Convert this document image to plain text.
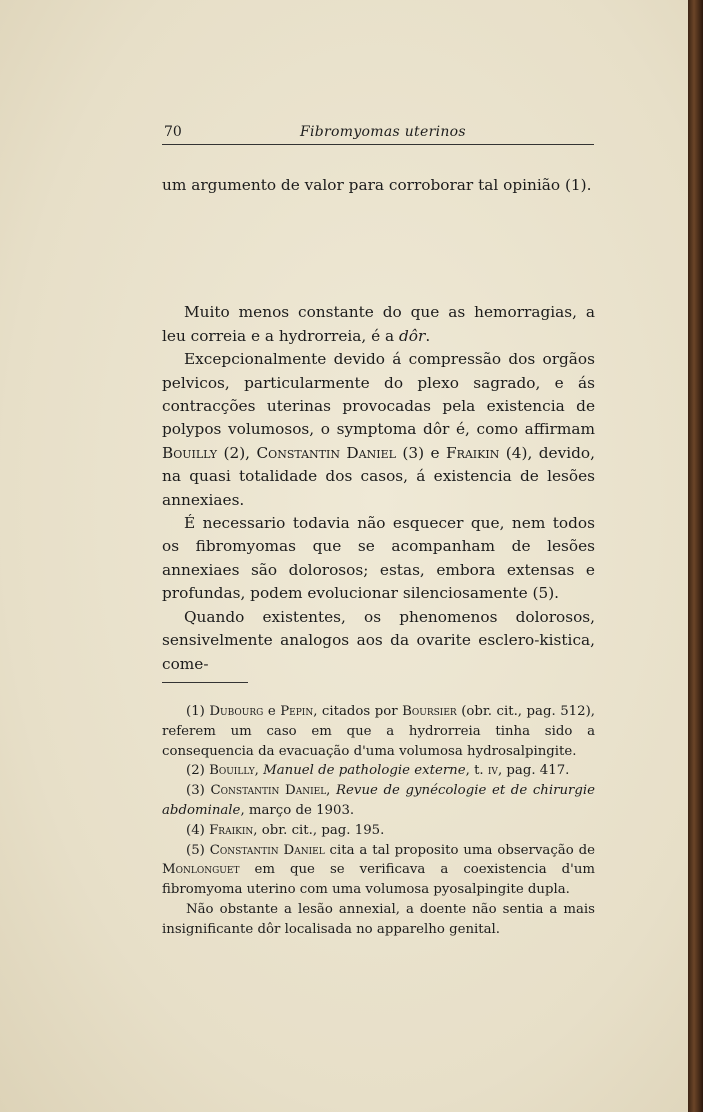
70	Fibromyomas uterinos

um argumento de valor para corroborar tal opinião (1).

Muito menos constante do que as hemorragias, a leu correia e a hydrorreia, é a dôr.

Excepcionalmente devido á compressão dos orgãos pelvicos, particularmente do plexo sagrado, e ás contracções uterinas provocadas pela existencia de polypos volumosos, o symptoma dôr é, como affirmam Bouilly (2), Constantin Daniel (3) e Fraikin (4), devido, na quasi totalidade dos casos, á existencia de lesões annexiaes.

É necessario todavia não esquecer que, nem todos os fibromyomas que se acompanham de lesões annexiaes são dolorosos; estas, embora extensas e profundas, podem evolucionar silenciosamente (5).

Quando existentes, os phenomenos dolorosos, sensivelmente analogos aos da ovarite esclero-kistica, come-

(1) Dubourg e Pepin, citados por Boursier (obr. cit., pag. 512), referem um caso em que a hydrorreia tinha sido a consequencia da evacuação d'uma volumosa hydrosalpingite.

(2) Bouilly, Manuel de pathologie externe, t. iv, pag. 417.

(3) Constantin Daniel, Revue de gynécologie et de chirurgie abdominale, março de 1903.

(4) Fraikin, obr. cit., pag. 195.

(5) Constantin Daniel cita a tal proposito uma observação de Monlonguet em que se verificava a coexistencia d'um fibromyoma uterino com uma volumosa pyosalpingite dupla.

Não obstante a lesão annexial, a doente não sentia a mais insignificante dôr localisada no apparelho genital.
